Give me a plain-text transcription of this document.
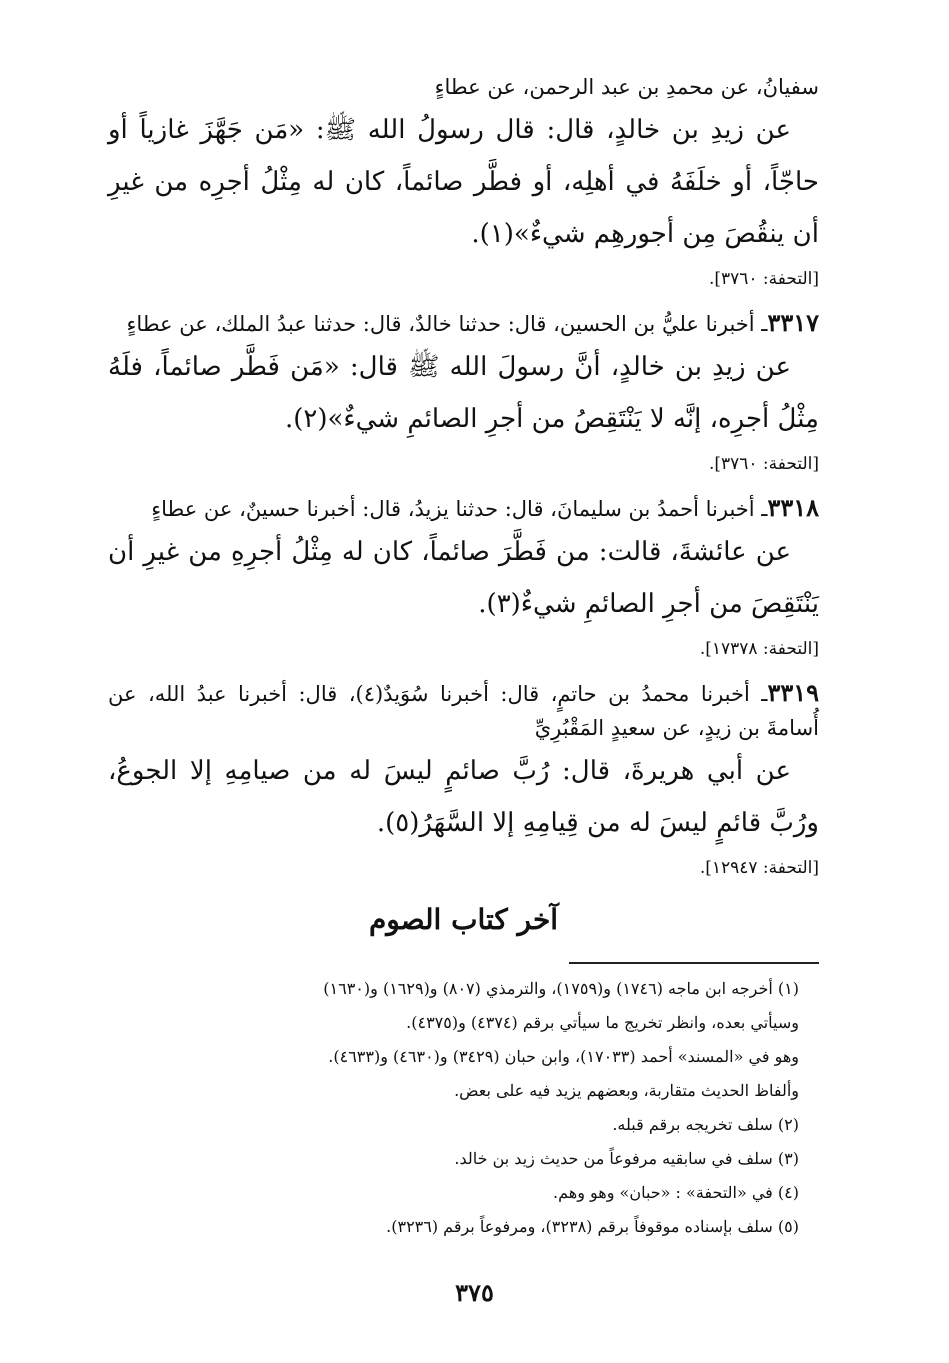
سفيانُ، عن محمدِ بن عبد الرحمن، عن عطاءٍ

عن زيدِ بن خالدٍ، قال: قال رسولُ الله ﷺ: «مَن جَهَّزَ غازياً أو حاجّاً، أو خلَفَهُ في أهلِه، أو فطَّر صائماً، كان له مِثْلُ أجرِه من غيرِ أن ينقُصَ مِن أجورهِم شيءٌ»(١).

[التحفة: ٣٧٦٠].

٣٣١٧ـ أخبرنا عليُّ بن الحسين، قال: حدثنا خالدٌ، قال: حدثنا عبدُ الملك، عن عطاءٍ

عن زيدِ بن خالدٍ، أنَّ رسولَ الله ﷺ قال: «مَن فَطَّر صائماً، فلَهُ مِثْلُ أجرِه، إنَّه لا يَنْتَقِصُ من أجرِ الصائمِ شيءٌ»(٢).

[التحفة: ٣٧٦٠].

٣٣١٨ـ أخبرنا أحمدُ بن سليمانَ، قال: حدثنا يزيدُ، قال: أخبرنا حسينٌ، عن عطاءٍ

عن عائشةَ، قالت: من فَطَّرَ صائماً، كان له مِثْلُ أجرِهِ من غيرِ أن يَنْتَقِصَ من أجرِ الصائمِ شيءٌ(٣).

[التحفة: ١٧٣٧٨].

٣٣١٩ـ أخبرنا محمدُ بن حاتمٍ، قال: أخبرنا سُوَيدٌ(٤)، قال: أخبرنا عبدُ الله، عن أُسامةَ بن زيدٍ، عن سعيدٍ المَقْبُرِيِّ

عن أبي هريرةَ، قال: رُبَّ صائمٍ ليسَ له من صيامِهِ إلا الجوعُ، ورُبَّ قائمٍ ليسَ له من قِيامِهِ إلا السَّهَرُ(٥).

[التحفة: ١٢٩٤٧].

آخر كتاب الصوم

(١) أخرجه ابن ماجه (١٧٤٦) و(١٧٥٩)، والترمذي (٨٠٧) و(١٦٢٩) و(١٦٣٠)

وسيأتي بعده، وانظر تخريج ما سيأتي برقم (٤٣٧٤) و(٤٣٧٥).

وهو في «المسند» أحمد (١٧٠٣٣)، وابن حبان (٣٤٢٩) و(٤٦٣٠) و(٤٦٣٣).

وألفاظ الحديث متقاربة، وبعضهم يزيد فيه على بعض.

(٢) سلف تخريجه برقم قبله.

(٣) سلف في سابقيه مرفوعاً من حديث زيد بن خالد.

(٤) في «التحفة» : «حبان» وهو وهم.

(٥) سلف بإسناده موقوفاً برقم (٣٢٣٨)، ومرفوعاً برقم (٣٢٣٦).

٣٧٥
